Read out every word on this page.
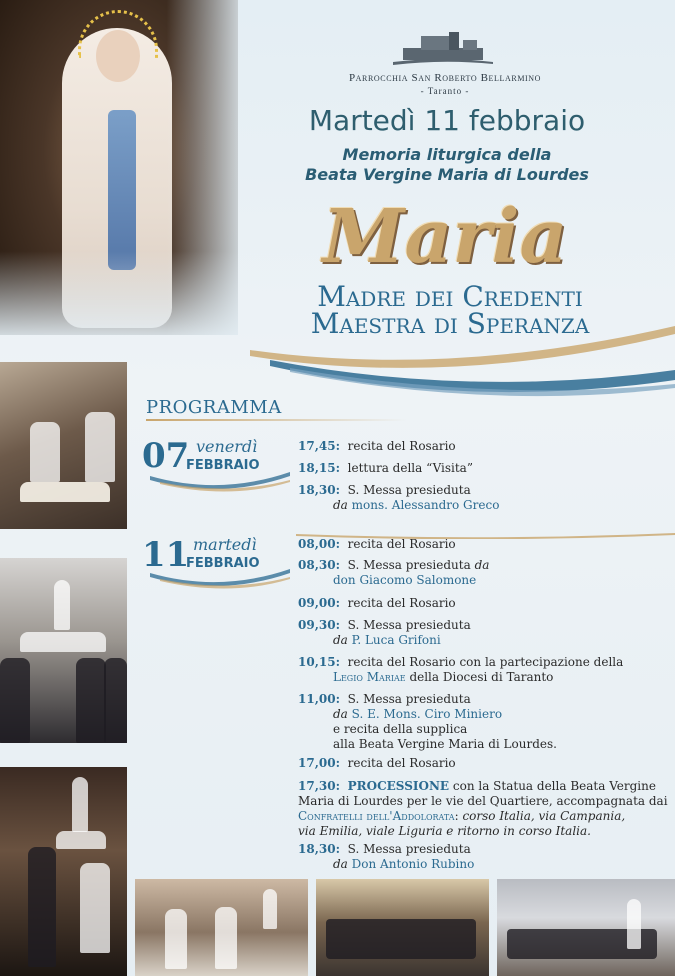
Parrocchia San Roberto Bellarmino
- Taranto -
Martedì 11 febbraio
Memoria liturgica della
Beata Vergine Maria di Lourdes
Maria
Madre dei Credenti
Maestra di Speranza
PROGRAMMA
07 venerdì
FEBBRAIO
11 martedì
FEBBRAIO
17,45: recita del Rosario
18,15: lettura della “Visita”
18,30: S. Messa presieduta
da mons. Alessandro Greco
08,00: recita del Rosario
08,30: S. Messa presieduta da
don Giacomo Salomone
09,00: recita del Rosario
09,30: S. Messa presieduta
da P. Luca Grifoni
10,15: recita del Rosario con la partecipazione della
Legio Mariae della Diocesi di Taranto
11,00: S. Messa presieduta
da S. E. Mons. Ciro Miniero
e recita della supplica
alla Beata Vergine Maria di Lourdes.
17,00: recita del Rosario
17,30: PROCESSIONE con la Statua della Beata Vergine
Maria di Lourdes per le vie del Quartiere, accompagnata dai
Confratelli dell'Addolorata: corso Italia, via Campania,
via Emilia, viale Liguria e ritorno in corso Italia.
18,30: S. Messa presieduta
da Don Antonio Rubino
